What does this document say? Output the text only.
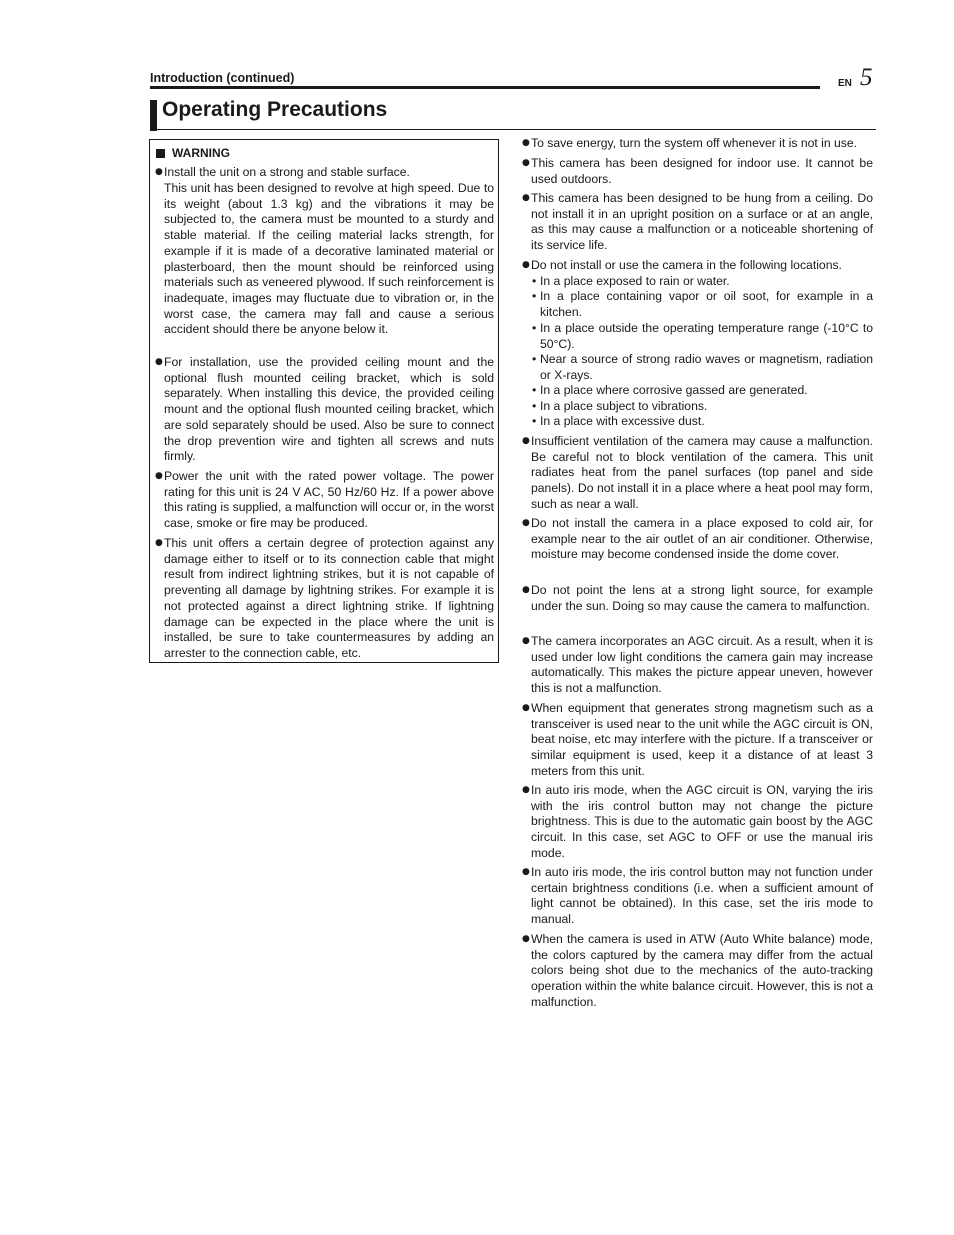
Introduction (continued)	EN 5
Operating Precautions
WARNING
● Install the unit on a strong and stable surface.
This unit has been designed to revolve at high speed. Due to its weight (about 1.3 kg) and the vibrations it may be subjected to, the camera must be mounted to a sturdy and stable material. If the ceiling material lacks strength, for example if it is made of a decorative laminated material or plasterboard, then the mount should be reinforced using materials such as veneered plywood. If such reinforcement is inadequate, images may fluctuate due to vibration or, in the worst case, the camera may fall and cause a serious accident should there be anyone below it.
● For installation, use the provided ceiling mount and the optional flush mounted ceiling bracket, which is sold separately. When installing this device, the provided ceiling mount and the optional flush mounted ceiling bracket, which are sold separately should be used. Also be sure to connect the drop prevention wire and tighten all screws and nuts firmly.
● Power the unit with the rated power voltage. The power rating for this unit is 24 V AC, 50 Hz/60 Hz. If a power above this rating is supplied, a malfunction will occur or, in the worst case, smoke or fire may be produced.
● This unit offers a certain degree of protection against any damage either to itself or to its connection cable that might result from indirect lightning strikes, but it is not capable of preventing all damage by lightning strikes. For example it is not protected against a direct lightning strike. If lightning damage can be expected in the place where the unit is installed, be sure to take countermeasures by adding an arrester to the connection cable, etc.
● To save energy, turn the system off whenever it is not in use.
● This camera has been designed for indoor use. It cannot be used outdoors.
● This camera has been designed to be hung from a ceiling. Do not install it in an upright position on a surface or at an angle, as this may cause a malfunction or a noticeable shortening of its service life.
● Do not install or use the camera in the following locations.
• In a place exposed to rain or water.
• In a place containing vapor or oil soot, for example in a kitchen.
• In a place outside the operating temperature range (-10°C to 50°C).
• Near a source of strong radio waves or magnetism, radiation or X-rays.
• In a place where corrosive gassed are generated.
• In a place subject to vibrations.
• In a place with excessive dust.
● Insufficient ventilation of the camera may cause a malfunction. Be careful not to block ventilation of the camera. This unit radiates heat from the panel surfaces (top panel and side panels). Do not install it in a place where a heat pool may form, such as near a wall.
● Do not install the camera in a place exposed to cold air, for example near to the air outlet of an air conditioner. Otherwise, moisture may become condensed inside the dome cover.
● Do not point the lens at a strong light source, for example under the sun. Doing so may cause the camera to malfunction.
● The camera incorporates an AGC circuit. As a result, when it is used under low light conditions the camera gain may increase automatically. This makes the picture appear uneven, however this is not a malfunction.
● When equipment that generates strong magnetism such as a transceiver is used near to the unit while the AGC circuit is ON, beat noise, etc may interfere with the picture. If a transceiver or similar equipment is used, keep it a distance of at least 3 meters from this unit.
● In auto iris mode, when the AGC circuit is ON, varying the iris with the iris control button may not change the picture brightness. This is due to the automatic gain boost by the AGC circuit. In this case, set AGC to OFF or use the manual iris mode.
● In auto iris mode, the iris control button may not function under certain brightness conditions (i.e. when a sufficient amount of light cannot be obtained). In this case, set the iris mode to manual.
● When the camera is used in ATW (Auto White balance) mode, the colors captured by the camera may differ from the actual colors being shot due to the mechanics of the auto-tracking operation within the white balance circuit. However, this is not a malfunction.
